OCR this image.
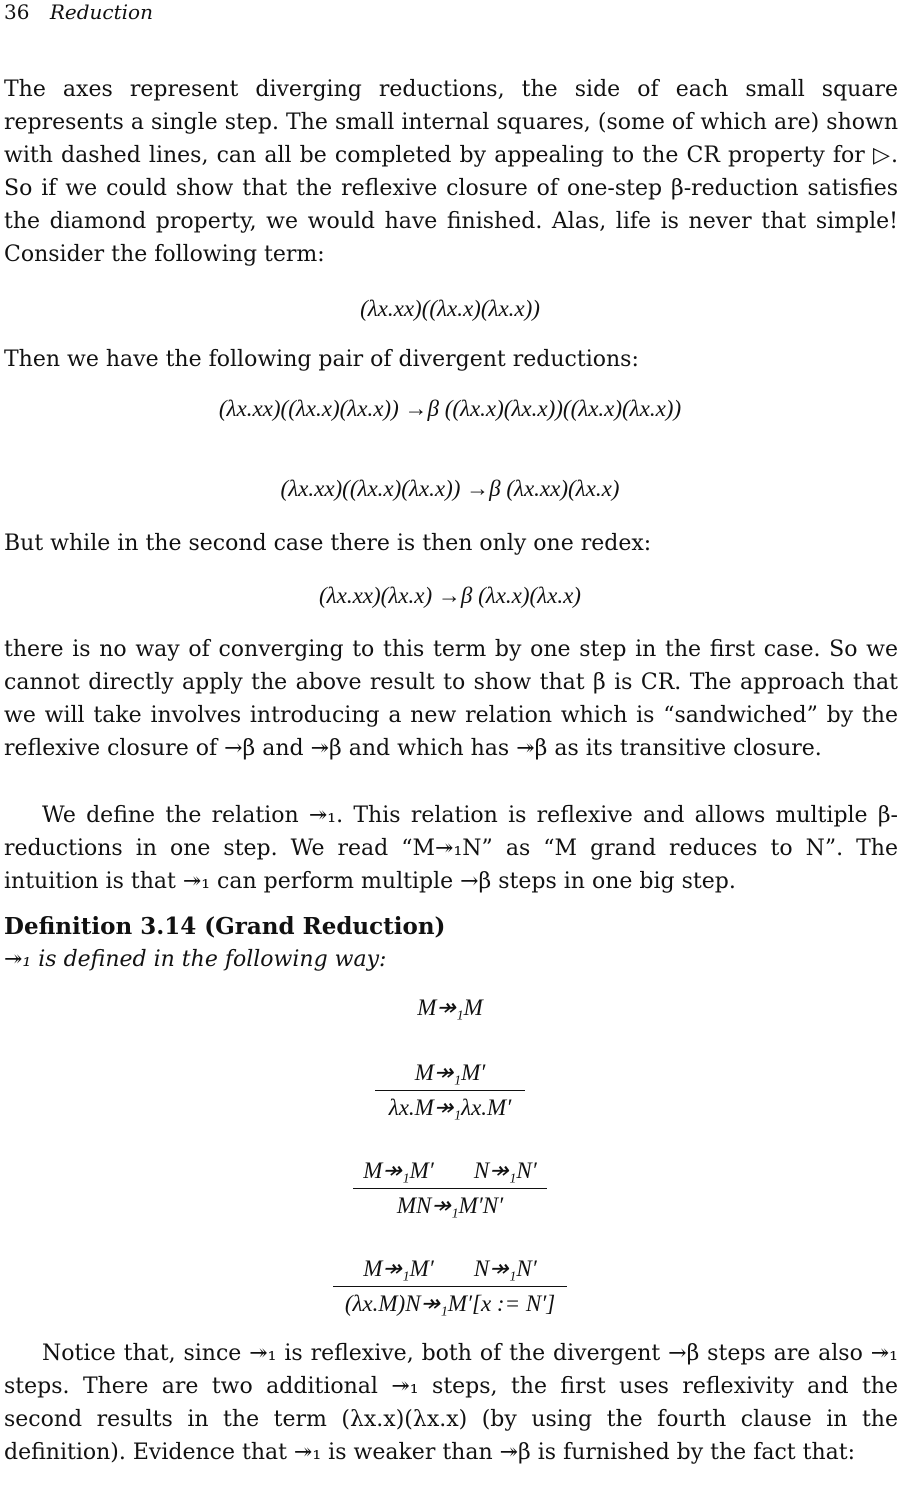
36 Reduction
The axes represent diverging reductions, the side of each small square represents a single step. The small internal squares, (some of which are) shown with dashed lines, can all be completed by appealing to the CR property for ▷. So if we could show that the reflexive closure of one-step β-reduction satisfies the diamond property, we would have finished. Alas, life is never that simple! Consider the following term:
(λx.xx)((λx.x)(λx.x))
Then we have the following pair of divergent reductions:
(λx.xx)((λx.x)(λx.x)) →β ((λx.x)(λx.x))((λx.x)(λx.x))
(λx.xx)((λx.x)(λx.x)) →β (λx.xx)(λx.x)
But while in the second case there is then only one redex:
(λx.xx)(λx.x) →β (λx.x)(λx.x)
there is no way of converging to this term by one step in the first case. So we cannot directly apply the above result to show that β is CR. The approach that we will take involves introducing a new relation which is “sandwiched” by the reflexive closure of →β and ↠β and which has ↠β as its transitive closure.
We define the relation ↠₁. This relation is reflexive and allows multiple β-reductions in one step. We read “M↠₁N” as “M grand reduces to N”. The intuition is that ↠₁ can perform multiple →β steps in one big step.
Definition 3.14 (Grand Reduction)
↠₁ is defined in the following way:
M↠₁M
$\frac{\text{M↠₁M′}}{\text{λx.M↠₁λx.M′}}$
$\frac{\text{M↠₁M′ N↠₁N′}}{\text{MN↠₁M′N′}}$
$\frac{\text{M↠₁M′ N↠₁N′}}{\text{(λx.M)N↠₁M′[x := N′]}}$
Notice that, since ↠₁ is reflexive, both of the divergent →β steps are also ↠₁ steps. There are two additional ↠₁ steps, the first uses reflexivity and the second results in the term (λx.x)(λx.x) (by using the fourth clause in the definition). Evidence that ↠₁ is weaker than ↠β is furnished by the fact that:
